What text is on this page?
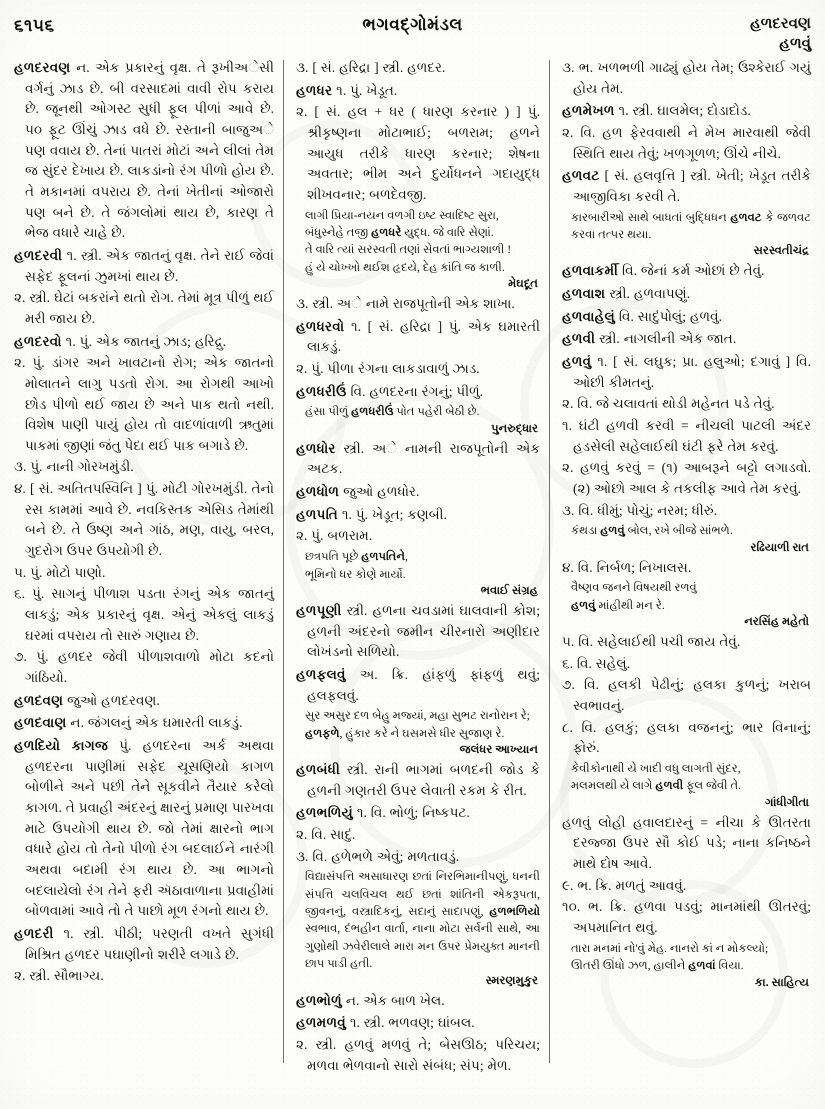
૬૧૫૬	ભગવદ્ગોમંડલ	હળદરવણ
હળવું
હળદરવણ ન. એક પ્રકારનું વૃક્ષ. તે રૂખીઅેસી વર્ગનું ઝાડ છે. બી વરસાદમાં વાવી રોપ કરાય છે. જૂનથી ઓગસ્ટ સુધી ફૂલ પીળાં આવે છે. ૫૦ ફૂટ ઊંચું ઝાડ વધે છે. રસ્તાની બાજુઅે પણ વવાય છે. તેનાં પાતરાં મોટાં અને લીલાં તેમ જ સુંદર દેખાય છે. લાકડાંનો રંગ પીળો હોય છે. તે મકાનમાં વપરાય છે. તેનાં ખેતીનાં ઓજારો પણ બને છે. તે જંગલોમાં થાય છે, કારણ તે ભેજ વધારે ચાહે છે.
હળદરવી ૧. સ્ત્રી. એક જાતનું વૃક્ષ. તેને રાઈ જેવાં સફેદ ફૂલનાં ઝુમખાં થાય છે.
૨. સ્ત્રી. ઘેટાં બકરાંને થતો રોગ. તેમાં મૂત્ર પીળું થઈ મરી જાય છે.
હળદરવો ૧. પું. એક જાતનું ઝાડ; હરિદ્રુ.
૨. પું. ડાંગર અને ખાવટાનો રોગ; એક જાતનો મોલાતને લાગુ પડતો રોગ. આ રોગથી આખો છોડ પીળો થઈ જાય છે અને પાક થતો નથી. વિશેષ પાણી પાયું હોય તો વાદળાંવાળી ઋતુમાં પાકમાં જીણાં જંતુ પેદા થઈ પાક બગાડે છે.
૩. પું. નાની ગોરખમુંડી.
૪. [ સં. અતિતપસ્વિનિ ] પું. મોટી ગોરખમુંડી. તેનો રસ કામમાં આવે છે. નવકિસ્તક એસિડ તેમાંથી બને છે. તે ઉષ્ણ અને ગાંઠ, મણ, વાયુ, બરલ, ગુદરોગ ઉપર ઉપયોગી છે.
૫. પું. મોટો પાણો.
૬. પું. સાગનું પીળાશ પડતા રંગનું એક જાતનું લાકડું; એક પ્રકારનું વૃક્ષ. એનું એકલું લાકડું ઘરમાં વપરાય તો સારું ગણાય છે.
૭. પું. હળદર જેવી પીળાશવાળો મોટા કદનો ગાંઠિયો.
હળદવણ જુઓ હળદરવણ.
હળદવાણ ન. જંગલનું એક ઘમારતી લાકડું.
હળદિયો કાગજ પું. હળદરના અર્ક અથવા હળદરના પાણીમાં સફેદ ચૂસણિયો કાગળ બોળીને અને પછી તેને સૂકવીને તૈયાર કરેલો કાગળ. તે પ્રવાહી અંદરનું ક્ષારનું પ્રમાણ પારખવા માટે ઉપયોગી થાય છે. જો તેમાં ક્ષારનો ભાગ વધારે હોય તો તેનો પીળો રંગ બદલાઈને નારંગી અથવા બદામી રંગ થાય છે. આ ભાગનો બદલાયેલો રંગ તેને ફરી ઍઠાવાળાના પ્રવાહીમાં બોળવામાં આવે તો તે પાછો મૂળ રંગનો થાય છે.
હળદરી ૧. સ્ત્રી. પીઠી; પરણતી વખતે સુગંધી મિશ્રિત હળદર પઘાણીનો શરીરે લગાડે છે.
૨. સ્ત્રી. સૌભાગ્ય.
૩. [ સં. હરિદ્રા ] સ્ત્રી. હળદર.
હળધર ૧. પું. ખેડૂત.
૨. [ સં. હલ + ધર ( ધારણ કરનાર ) ] પું. શ્રીકૃષ્ણના મોટાભાઈ; બળરામ; હળને આયુધ તરીકે ધારણ કરનાર; શેષના અવતાર; ભીમ અને દુર્યોધનને ગદાયુદ્ધ શીખવનાર; બળદેવજી.
લાગી પ્રિયા-નયન વળગી ઇષ્ટ સ્વાદિષ્ટ સુરા,
બંધુસ્નેહે તજી હળધરે યુદ્ધ. જે વારિ સેણાં.
તે વારિ ત્યાં સરસ્વતી તણાં સેવતાં ભાગ્યશાળી !
હું યે ચોખ્ખો થઈશ હૃદયે, દેહ કાંતિ જ કાળી.
મેઘદૂત
૩. સ્ત્રી. અે નામે રાજપૂતોની એક શાખા.
હળધરવો ૧. [ સં. હરિદ્રા ] પું. એક ઘમારતી લાકડું.
૨. પું. પીળા રંગના લાકડાવાળું ઝાડ.
હળધરીઉં વિ. હળદરના રંગનું; પીળું.
હંસા પીળું હળધરીઉં પોત પહેરી બેઠી છે.
પુનરુદ્ધાર
હળધોર સ્ત્રી. અે નામની રાજપૂતોની એક અટક.
હળધોળ જુઓ હળધોર.
હળપતિ ૧. પું. ખેડૂત; કણબી.
૨. પું. બળરામ.
છત્રપતિ પૂછે હળપતિને,
ભૂમિનો ધર કોણે માર્યો.
ભવાઈ સંગ્રહ
હળપૂણી સ્ત્રી. હળના ચવડામાં ઘાલવાની કોશ; હળની અંદરનો જમીન ચીરનારો અણીદાર લોખંડનો સળિયો.
હળફલવું અ. ક્રિ. હાંફળું ફાંફળું થવું; હલફલવું.
સુર અસુર દળ બેહુ મજ્યાં, મહા સુભટ રાનોરાન રે;
હળફળે, હુંકાર કરે ને ઘસમસે ધીર સુજાણ રે.
જલંધર આખ્યાન
હળબંધી સ્ત્રી. રાની ભાગમાં બળદની જોડ કે હળની ગણતરી ઉપર લેવાતી રકમ કે રીત.
હળભળિયું ૧. વિ. ભોળું; નિષ્કપટ.
૨. વિ. સાદું.
૩. વિ. હળેભળે એવું; મળતાવડું.
વિદ્યાસંપત્તિ અસાધારણ છતાં નિરભિમાનીપણું, ધનની સંપત્તિ ચલવિચલ થઈ છતાં શાંતિની એકરૂપતા, જીવનનું, વસ્ત્રાદિકનું, સદાનું સાદાપણું, હળભળિયો સ્વભાવ, દંભહીન વાર્તા, નાના મોટા સર્વની સાથે, આ ગુણોથી ઝવેરીલાલે મારા મન ઉપર પ્રેમયુક્ત માનની છાપ પાડી હતી.
સ્મરણમુકુર
હળભોળું ન. એક બાળ ખેલ.
હળમળવું ૧. સ્ત્રી. ભળવણ; ઘાંબલ.
૨. સ્ત્રી. હળવું મળવું તે; બેસઊઠ; પરિચય; મળવા ભેળવાનો સારો સંબંધ; સંપ; મેળ.
૩. ભ. ખળભળી ગાઢ્યું હોય તેમ; ઉશ્કેરાઈ ગયું હોય તેમ.
હળમેખળ ૧. સ્ત્રી. ઘાલમેલ; દોડાદોડ.
૨. વિ. હળ ફેરવવાથી ને મેખ મારવાથી જેવી સ્થિતિ થાય તેવું; ખળગૂળળ; ઊંચે નીચે.
હળવટ [ સં. હલવૃત્તિ ] સ્ત્રી. ખેતી; ખેડૂત તરીકે આજીવિકા કરવી તે.
કારબારીઓ સાથે બાધતાં બુદ્ધિધન હળવટ કે જળવટ કરવા તત્પર થયા.
સરસ્વતીચંદ્ર
હળવાકર્મી વિ. જેનાં કર્મ ઓછાં છે તેવું.
હળવાશ સ્ત્રી. હળવાપણું.
હળવાહેલું વિ. સાદુંપોલું; હળવું.
હળવી સ્ત્રી. નાગલીની એક જાત.
હળવું ૧. [ સં. લઘુક; પ્રા. હલુઓ; દગાવું ] વિ. ઓછી કીમતનું.
૨. વિ. જે ચલાવતાં થોડી મહેનત પડે તેવું.
૧. ઘંટી હળવી કરવી = નીચલી પાટલી અંદર હડસેલી સહેલાઈથી ઘંટી ફરે તેમ કરવું.
૨. હળવું કરવું = (૧) આબરૂને બટ્ટો લગાડવો. (૨) ઓછો આલ કે તકલીફ આવે તેમ કરવું.
૩. વિ. ધીમું; પોચું; નરમ; ધીરું.
કંથડા હળવું બોલ, રખે બીજે સાંભળે.
રઢિયાળી રાત
૪. વિ. નિર્બળ; નિખાલસ.
વૈષ્ણવ જનને વિષયથી રળવું
હળવું માંહીથી મન રે.
નરસિંહ મહેતો
૫. વિ. સહેલાઈથી પચી જાય તેવું.
૬. વિ. સહેલું.
૭. વિ. હલકી પેઢીનું; હલકા કુળનું; ખરાબ સ્વભાવનું.
૮. વિ. હલકું; હલકા વજનનું; ભાર વિનાનું; ફોરું.
કેવીકોનાથી યે ખાદી વધુ લાગતી સુંદર,
મલમલથી યે લાગે હળવી ફૂલ જેવી તે.
ગાંધીગીતા
હળવું લોહી હવાલદારનું = નીચા કે ઊતરતા દરજ્જા ઉપર સૌ કોઈ પડે; નાના કનિષ્ઠને માથે દોષ આવે.
૯. ભ. ક્રિ. મળતું આવવું.
૧૦. ભ. ક્રિ. હળવા પડવું; માનમાંથી ઊતરવું; અપમાનિત થવું.
તારા મનમાં નો'વું મેહ. નાનરો કાં ન મોકલ્યો;
ઊતરી ઊંધો ઝળ, હાલીને હળવાં વિયા.
કા. સાહિત્ય
